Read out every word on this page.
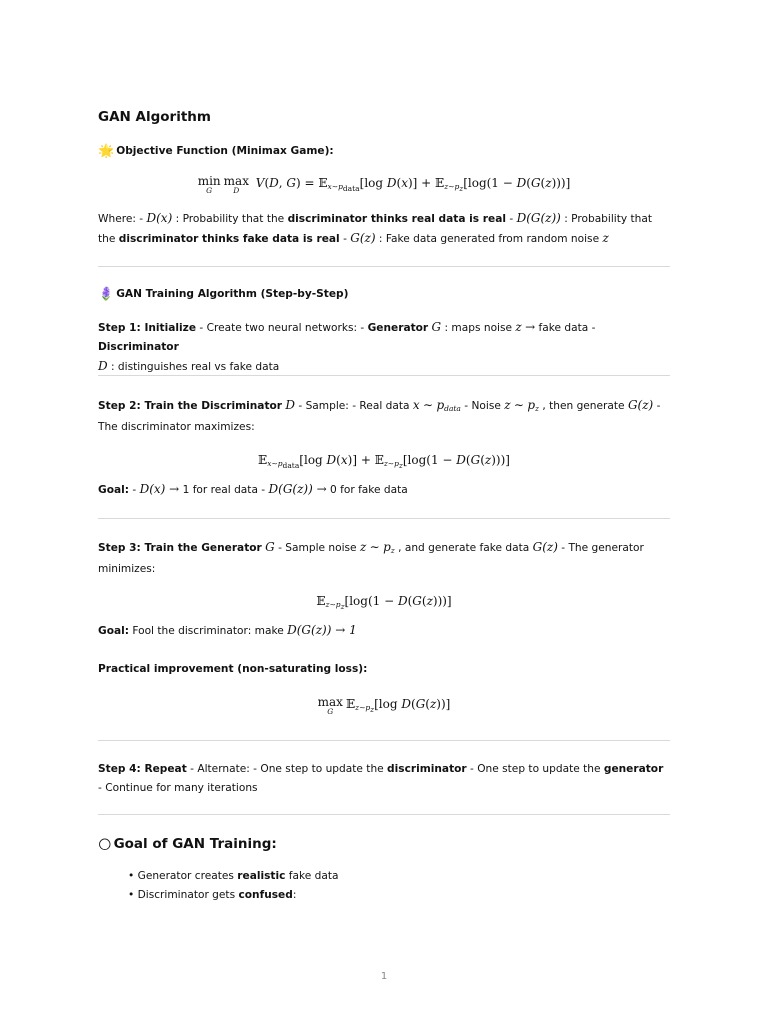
GAN Algorithm
🌟 Objective Function (Minimax Game):
min
G
max
D
V(D, G) = 𝔼$_{x\sim p_{data}}$[log D(x)] + 𝔼$_{z\sim p_z}$[log(1 − D(G(z)))]
Where: - D(x) : Probability that the discriminator thinks real data is real - D(G(z)) : Probability that the discriminator thinks fake data is real - G(z) : Fake data generated from random noise z
🪻 GAN Training Algorithm (Step-by-Step)
Step 1: Initialize - Create two neural networks: - Generator G : maps noise z → fake data - Discriminator
D : distinguishes real vs fake data
Step 2: Train the Discriminator D - Sample: - Real data x ∼ $p_{data}$ - Noise z ∼ $p_z$ , then generate G(z) - The discriminator maximizes:
𝔼$_{x\sim p_{data}}$[log D(x)] + 𝔼$_{z\sim p_z}$[log(1 − D(G(z)))]
Goal: - D(x) → 1 for real data - D(G(z)) → 0 for fake data
Step 3: Train the Generator G - Sample noise z ∼ $p_z$ , and generate fake data G(z) - The generator minimizes:
𝔼$_{z\sim p_z}$[log(1 − D(G(z)))]
Goal: Fool the discriminator: make D(G(z)) → 1
Practical improvement (non-saturating loss):
max
G
𝔼$_{z\sim p_z}$[log D(G(z))]
Step 4: Repeat - Alternate: - One step to update the discriminator - One step to update the generator - Continue for many iterations
🌕 Goal of GAN Training:
• Generator creates realistic fake data
• Discriminator gets confused:
1
